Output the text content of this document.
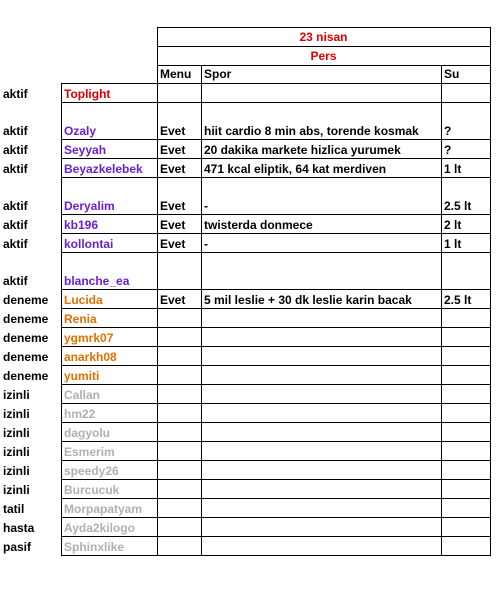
23 nisan
Pers
Menu	Spor	Su
aktif	Toplight
aktif	Ozaly	Evet	hiit cardio 8 min abs, torende kosmak	?
aktif	Seyyah	Evet	20 dakika markete hizlica yurumek	?
aktif	Beyazkelebek	Evet	471 kcal eliptik, 64 kat merdiven	1 lt
aktif	Deryalim	Evet	-	2.5 lt
aktif	kb196	Evet	twisterda donmece	2 lt
aktif	kollontai	Evet	-	1 lt
aktif	blanche_ea
deneme	Lucida	Evet	5 mil leslie + 30 dk leslie karin bacak	2.5 lt
deneme	Renia
deneme	ygmrk07
deneme	anarkh08
deneme	yumiti
izinli	Callan
izinli	hm22
izinli	dagyolu
izinli	Esmerim
izinli	speedy26
izinli	Burcucuk
tatil	Morpapatyam
hasta	Ayda2kilogo
pasif	Sphinxlike
